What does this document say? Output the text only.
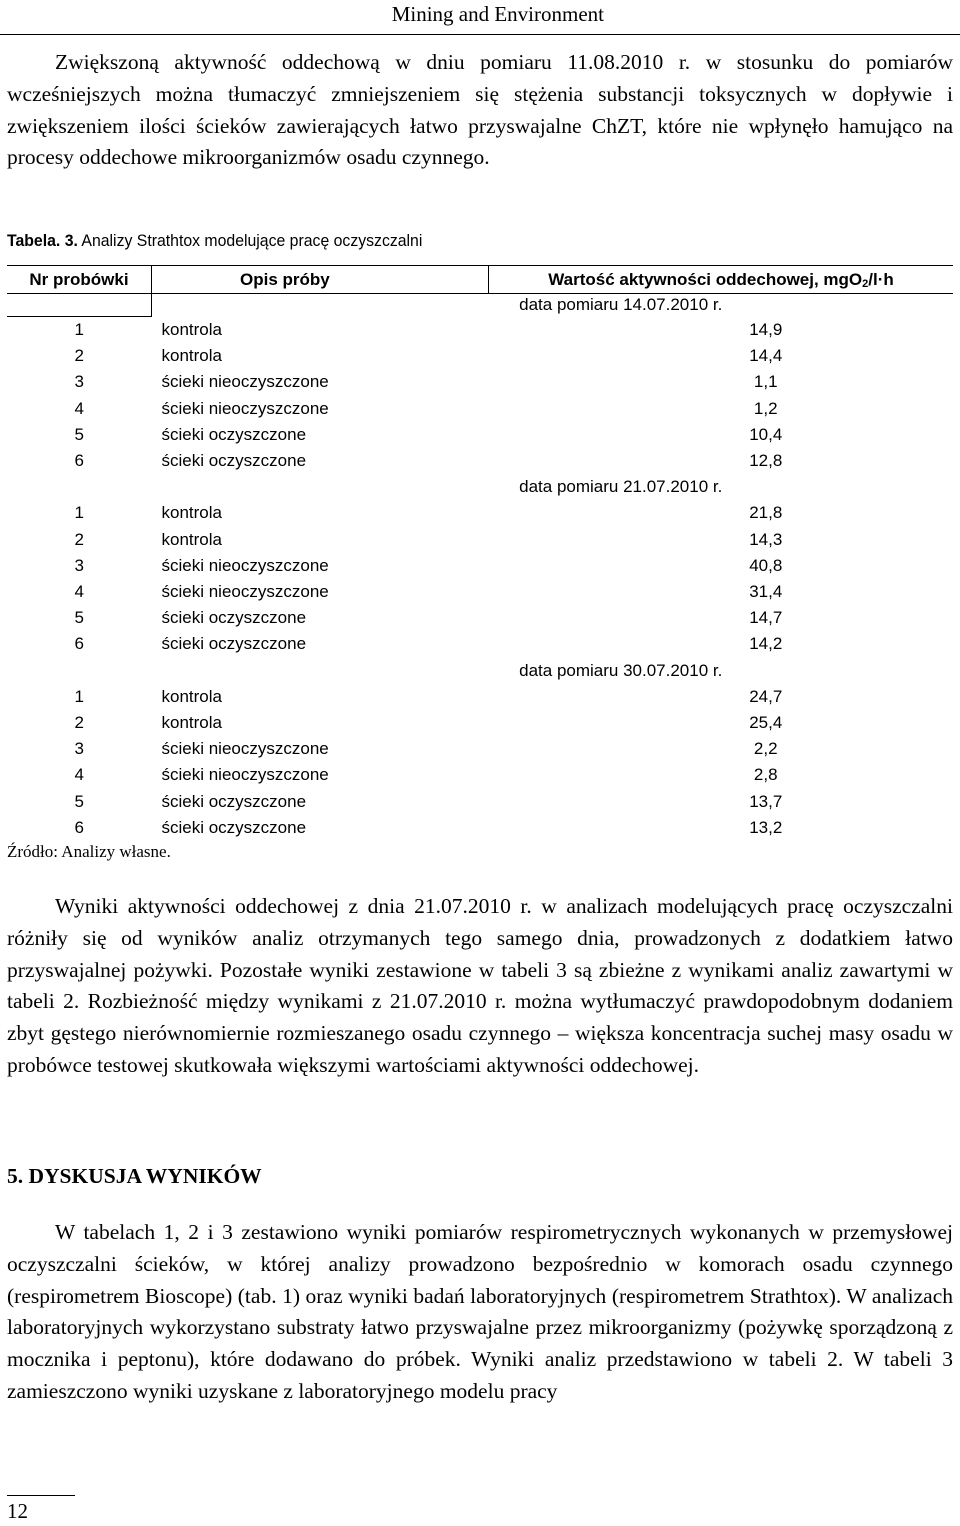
Mining and Environment

Zwiększoną aktywność oddechową w dniu pomiaru 11.08.2010 r. w stosunku do pomiarów wcześniejszych można tłumaczyć zmniejszeniem się stężenia substancji toksycznych w dopływie i zwiększeniem ilości ścieków zawierających łatwo przyswajalne ChZT, które nie wpłynęło hamująco na procesy oddechowe mikroorganizmów osadu czynnego.

Tabela. 3. Analizy Strathtox modelujące pracę oczyszczalni
Nr probówki	Opis próby	Wartość aktywności oddechowej, mgO$_2$/l·h
		data pomiaru 14.07.2010 r.
1	kontrola	14,9
2	kontrola	14,4
3	ścieki nieoczyszczone	1,1
4	ścieki nieoczyszczone	1,2
5	ścieki oczyszczone	10,4
6	ścieki oczyszczone	12,8
		data pomiaru 21.07.2010 r.
1	kontrola	21,8
2	kontrola	14,3
3	ścieki nieoczyszczone	40,8
4	ścieki nieoczyszczone	31,4
5	ścieki oczyszczone	14,7
6	ścieki oczyszczone	14,2
		data pomiaru 30.07.2010 r.
1	kontrola	24,7
2	kontrola	25,4
3	ścieki nieoczyszczone	2,2
4	ścieki nieoczyszczone	2,8
5	ścieki oczyszczone	13,7
6	ścieki oczyszczone	13,2
Źródło: Analizy własne.

Wyniki aktywności oddechowej z dnia 21.07.2010 r. w analizach modelujących pracę oczyszczalni różniły się od wyników analiz otrzymanych tego samego dnia, prowadzonych z dodatkiem łatwo przyswajalnej pożywki. Pozostałe wyniki zestawione w tabeli 3 są zbieżne z wynikami analiz zawartymi w tabeli 2. Rozbieżność między wynikami z 21.07.2010 r. można wytłumaczyć prawdopodobnym dodaniem zbyt gęstego nierównomiernie rozmieszanego osadu czynnego – większa koncentracja suchej masy osadu w probówce testowej skutkowała większymi wartościami aktywności oddechowej.

5. DYSKUSJA WYNIKÓW

W tabelach 1, 2 i 3 zestawiono wyniki pomiarów respirometrycznych wykonanych w przemysłowej oczyszczalni ścieków, w której analizy prowadzono bezpośrednio w komorach osadu czynnego (respirometrem Bioscope) (tab. 1) oraz wyniki badań laboratoryjnych (respirometrem Strathtox). W analizach laboratoryjnych wykorzystano substraty łatwo przyswajalne przez mikroorganizmy (pożywkę sporządzoną z mocznika i peptonu), które dodawano do próbek. Wyniki analiz przedstawiono w tabeli 2. W tabeli 3 zamieszczono wyniki uzyskane z laboratoryjnego modelu pracy

12
